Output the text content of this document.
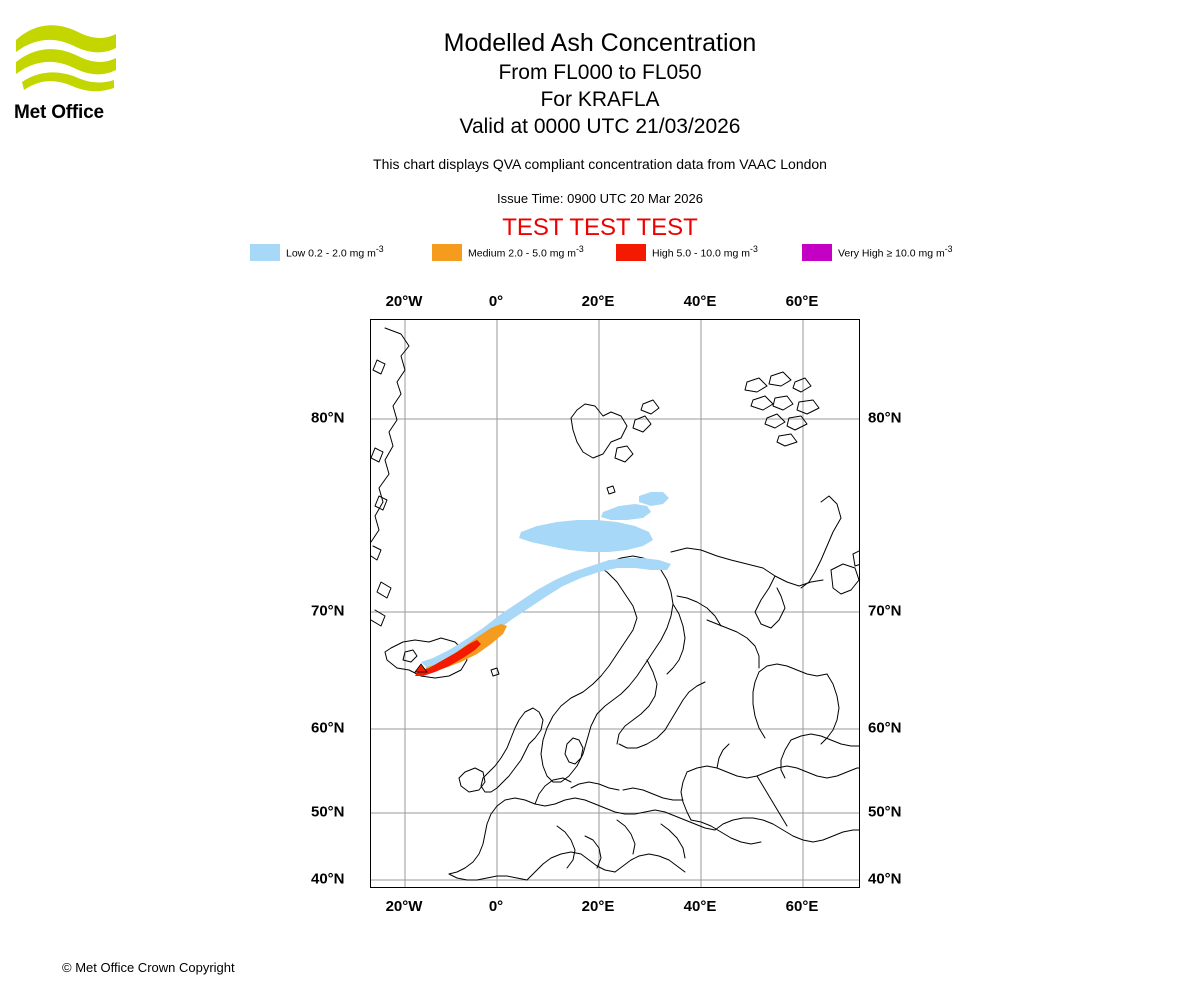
Met Office
Modelled Ash Concentration
From FL000 to FL050
For KRAFLA
Valid at 0000 UTC 21/03/2026
This chart displays QVA compliant concentration data from VAAC London
Issue Time: 0900 UTC 20 Mar 2026
TEST TEST TEST
Low 0.2 - 2.0 mg $m^{-3}$	Medium 2.0 - 5.0 mg $m^{-3}$	High 5.0 - 10.0 mg $m^{-3}$	Very High ≥ 10.0 mg $m^{-3}$
20°W	0°	20°E	40°E	60°E
20°W	0°	20°E	40°E	60°E
80°N
70°N
60°N
50°N
40°N
80°N
70°N
60°N
50°N
40°N
© Met Office Crown Copyright
